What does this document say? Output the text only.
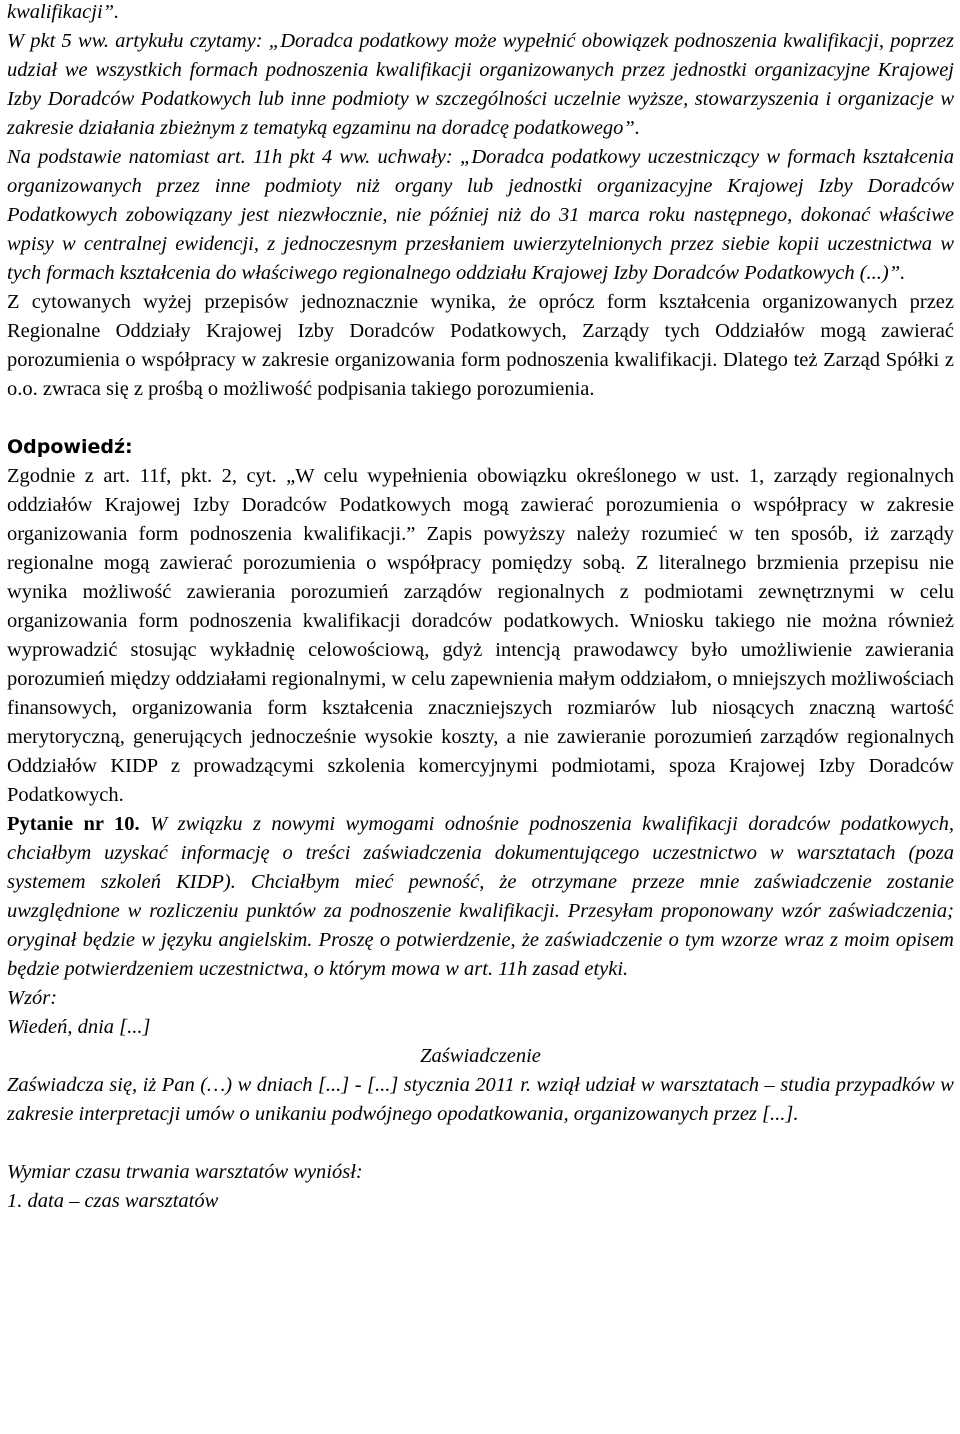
kwalifikacji”.

W pkt 5 ww. artykułu czytamy: „Doradca podatkowy może wypełnić obowiązek podnoszenia kwalifikacji, poprzez udział we wszystkich formach podnoszenia kwalifikacji organizowanych przez jednostki organizacyjne Krajowej Izby Doradców Podatkowych lub inne podmioty w szczególności uczelnie wyższe, stowarzyszenia i organizacje w zakresie działania zbieżnym z tematyką egzaminu na doradcę podatkowego”.

Na podstawie natomiast art. 11h pkt 4 ww. uchwały: „Doradca podatkowy uczestniczący w formach kształcenia organizowanych przez inne podmioty niż organy lub jednostki organizacyjne Krajowej Izby Doradców Podatkowych zobowiązany jest niezwłocznie, nie później niż do 31 marca roku następnego, dokonać właściwe wpisy w centralnej ewidencji, z jednoczesnym przesłaniem uwierzytelnionych przez siebie kopii uczestnictwa w tych formach kształcenia do właściwego regionalnego oddziału Krajowej Izby Doradców Podatkowych (...)”.

Z cytowanych wyżej przepisów jednoznacznie wynika, że oprócz form kształcenia organizowanych przez Regionalne Oddziały Krajowej Izby Doradców Podatkowych, Zarządy tych Oddziałów mogą zawierać porozumienia o współpracy w zakresie organizowania form podnoszenia kwalifikacji. Dlatego też Zarząd Spółki z o.o. zwraca się z prośbą o możliwość podpisania takiego porozumienia.

Odpowiedź:

Zgodnie z art. 11f, pkt. 2, cyt. „W celu wypełnienia obowiązku określonego w ust. 1, zarządy regionalnych oddziałów Krajowej Izby Doradców Podatkowych mogą zawierać porozumienia o współpracy w zakresie organizowania form podnoszenia kwalifikacji.” Zapis powyższy należy rozumieć w ten sposób, iż zarządy regionalne mogą zawierać porozumienia o współpracy pomiędzy sobą. Z literalnego brzmienia przepisu nie wynika możliwość zawierania porozumień zarządów regionalnych z podmiotami zewnętrznymi w celu organizowania form podnoszenia kwalifikacji doradców podatkowych. Wniosku takiego nie można również wyprowadzić stosując wykładnię celowościową, gdyż intencją prawodawcy było umożliwienie zawierania porozumień między oddziałami regionalnymi, w celu zapewnienia małym oddziałom, o mniejszych możliwościach finansowych, organizowania form kształcenia znaczniejszych rozmiarów lub niosących znaczną wartość merytoryczną, generujących jednocześnie wysokie koszty, a nie zawieranie porozumień zarządów regionalnych Oddziałów KIDP z prowadzącymi szkolenia komercyjnymi podmiotami, spoza Krajowej Izby Doradców Podatkowych.

Pytanie nr 10. W związku z nowymi wymogami odnośnie podnoszenia kwalifikacji doradców podatkowych, chciałbym uzyskać informację o treści zaświadczenia dokumentującego uczestnictwo w warsztatach (poza systemem szkoleń KIDP). Chciałbym mieć pewność, że otrzymane przeze mnie zaświadczenie zostanie uwzględnione w rozliczeniu punktów za podnoszenie kwalifikacji. Przesyłam proponowany wzór zaświadczenia; oryginał będzie w języku angielskim. Proszę o potwierdzenie, że zaświadczenie o tym wzorze wraz z moim opisem będzie potwierdzeniem uczestnictwa, o którym mowa w art. 11h zasad etyki.

Wzór:

Wiedeń, dnia [...]

Zaświadczenie

Zaświadcza się, iż Pan (…) w dniach [...] - [...] stycznia 2011 r. wziął udział w warsztatach – studia przypadków w zakresie interpretacji umów o unikaniu podwójnego opodatkowania, organizowanych przez [...].

Wymiar czasu trwania warsztatów wyniósł:

1. data – czas warsztatów
